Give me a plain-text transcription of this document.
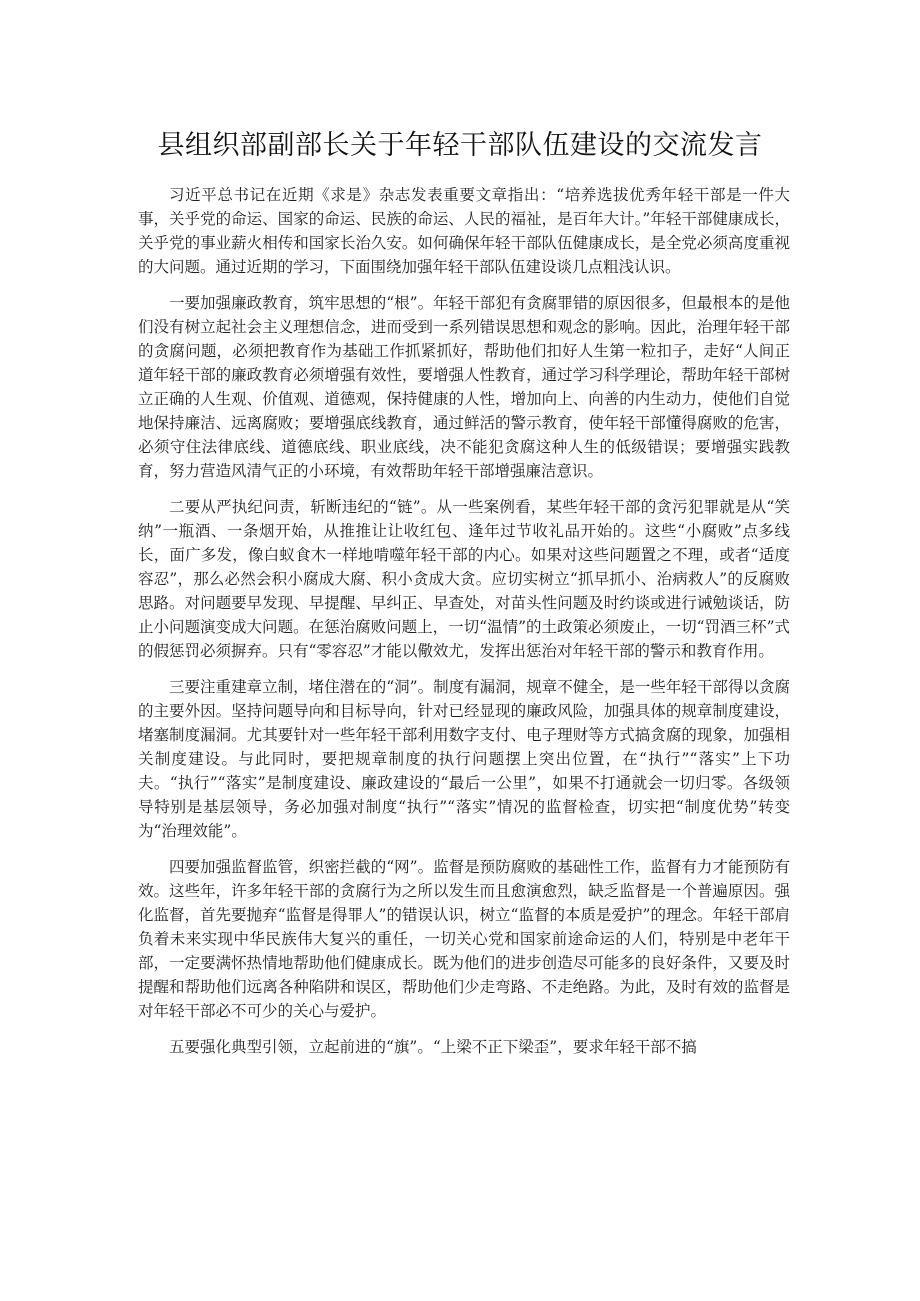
县组织部副部长关于年轻干部队伍建设的交流发言

习近平总书记在近期《求是》杂志发表重要文章指出：“培养选拔优秀年轻干部是一件大事，关乎党的命运、国家的命运、民族的命运、人民的福祉，是百年大计。”年轻干部健康成长，关乎党的事业薪火相传和国家长治久安。如何确保年轻干部队伍健康成长，是全党必须高度重视的大问题。通过近期的学习，下面围绕加强年轻干部队伍建设谈几点粗浅认识。

一要加强廉政教育，筑牢思想的“根”。年轻干部犯有贪腐罪错的原因很多，但最根本的是他们没有树立起社会主义理想信念，进而受到一系列错误思想和观念的影响。因此，治理年轻干部的贪腐问题，必须把教育作为基础工作抓紧抓好，帮助他们扣好人生第一粒扣子，走好“人间正道年轻干部的廉政教育必须增强有效性，要增强人性教育，通过学习科学理论，帮助年轻干部树立正确的人生观、价值观、道德观，保持健康的人性，增加向上、向善的内生动力，使他们自觉地保持廉洁、远离腐败；要增强底线教育，通过鲜活的警示教育，使年轻干部懂得腐败的危害，必须守住法律底线、道德底线、职业底线，决不能犯贪腐这种人生的低级错误；要增强实践教育，努力营造风清气正的小环境，有效帮助年轻干部增强廉洁意识。

二要从严执纪问责，斩断违纪的“链”。从一些案例看，某些年轻干部的贪污犯罪就是从“笑纳”一瓶酒、一条烟开始，从推推让让收红包、逢年过节收礼品开始的。这些“小腐败”点多线长，面广多发，像白蚁食木一样地啃噬年轻干部的内心。如果对这些问题置之不理，或者“适度容忍”，那么必然会积小腐成大腐、积小贪成大贪。应切实树立“抓早抓小、治病救人”的反腐败思路。对问题要早发现、早提醒、早纠正、早查处，对苗头性问题及时约谈或进行诫勉谈话，防止小问题演变成大问题。在惩治腐败问题上，一切“温情”的土政策必须废止，一切“罚酒三杯”式的假惩罚必须摒弃。只有“零容忍”才能以儆效尤，发挥出惩治对年轻干部的警示和教育作用。

三要注重建章立制，堵住潜在的“洞”。制度有漏洞，规章不健全，是一些年轻干部得以贪腐的主要外因。坚持问题导向和目标导向，针对已经显现的廉政风险，加强具体的规章制度建设，堵塞制度漏洞。尤其要针对一些年轻干部利用数字支付、电子理财等方式搞贪腐的现象，加强相关制度建设。与此同时，要把规章制度的执行问题摆上突出位置，在“执行”“落实”上下功夫。“执行”“落实”是制度建设、廉政建设的“最后一公里”，如果不打通就会一切归零。各级领导特别是基层领导，务必加强对制度“执行”“落实”情况的监督检查，切实把“制度优势”转变为“治理效能”。

四要加强监督监管，织密拦截的“网”。监督是预防腐败的基础性工作，监督有力才能预防有效。这些年，许多年轻干部的贪腐行为之所以发生而且愈演愈烈，缺乏监督是一个普遍原因。强化监督，首先要抛弃“监督是得罪人”的错误认识，树立“监督的本质是爱护”的理念。年轻干部肩负着未来实现中华民族伟大复兴的重任，一切关心党和国家前途命运的人们，特别是中老年干部，一定要满怀热情地帮助他们健康成长。既为他们的进步创造尽可能多的良好条件，又要及时提醒和帮助他们远离各种陷阱和误区，帮助他们少走弯路、不走绝路。为此，及时有效的监督是对年轻干部必不可少的关心与爱护。

五要强化典型引领，立起前进的“旗”。“上梁不正下梁歪”，要求年轻干部不搞
